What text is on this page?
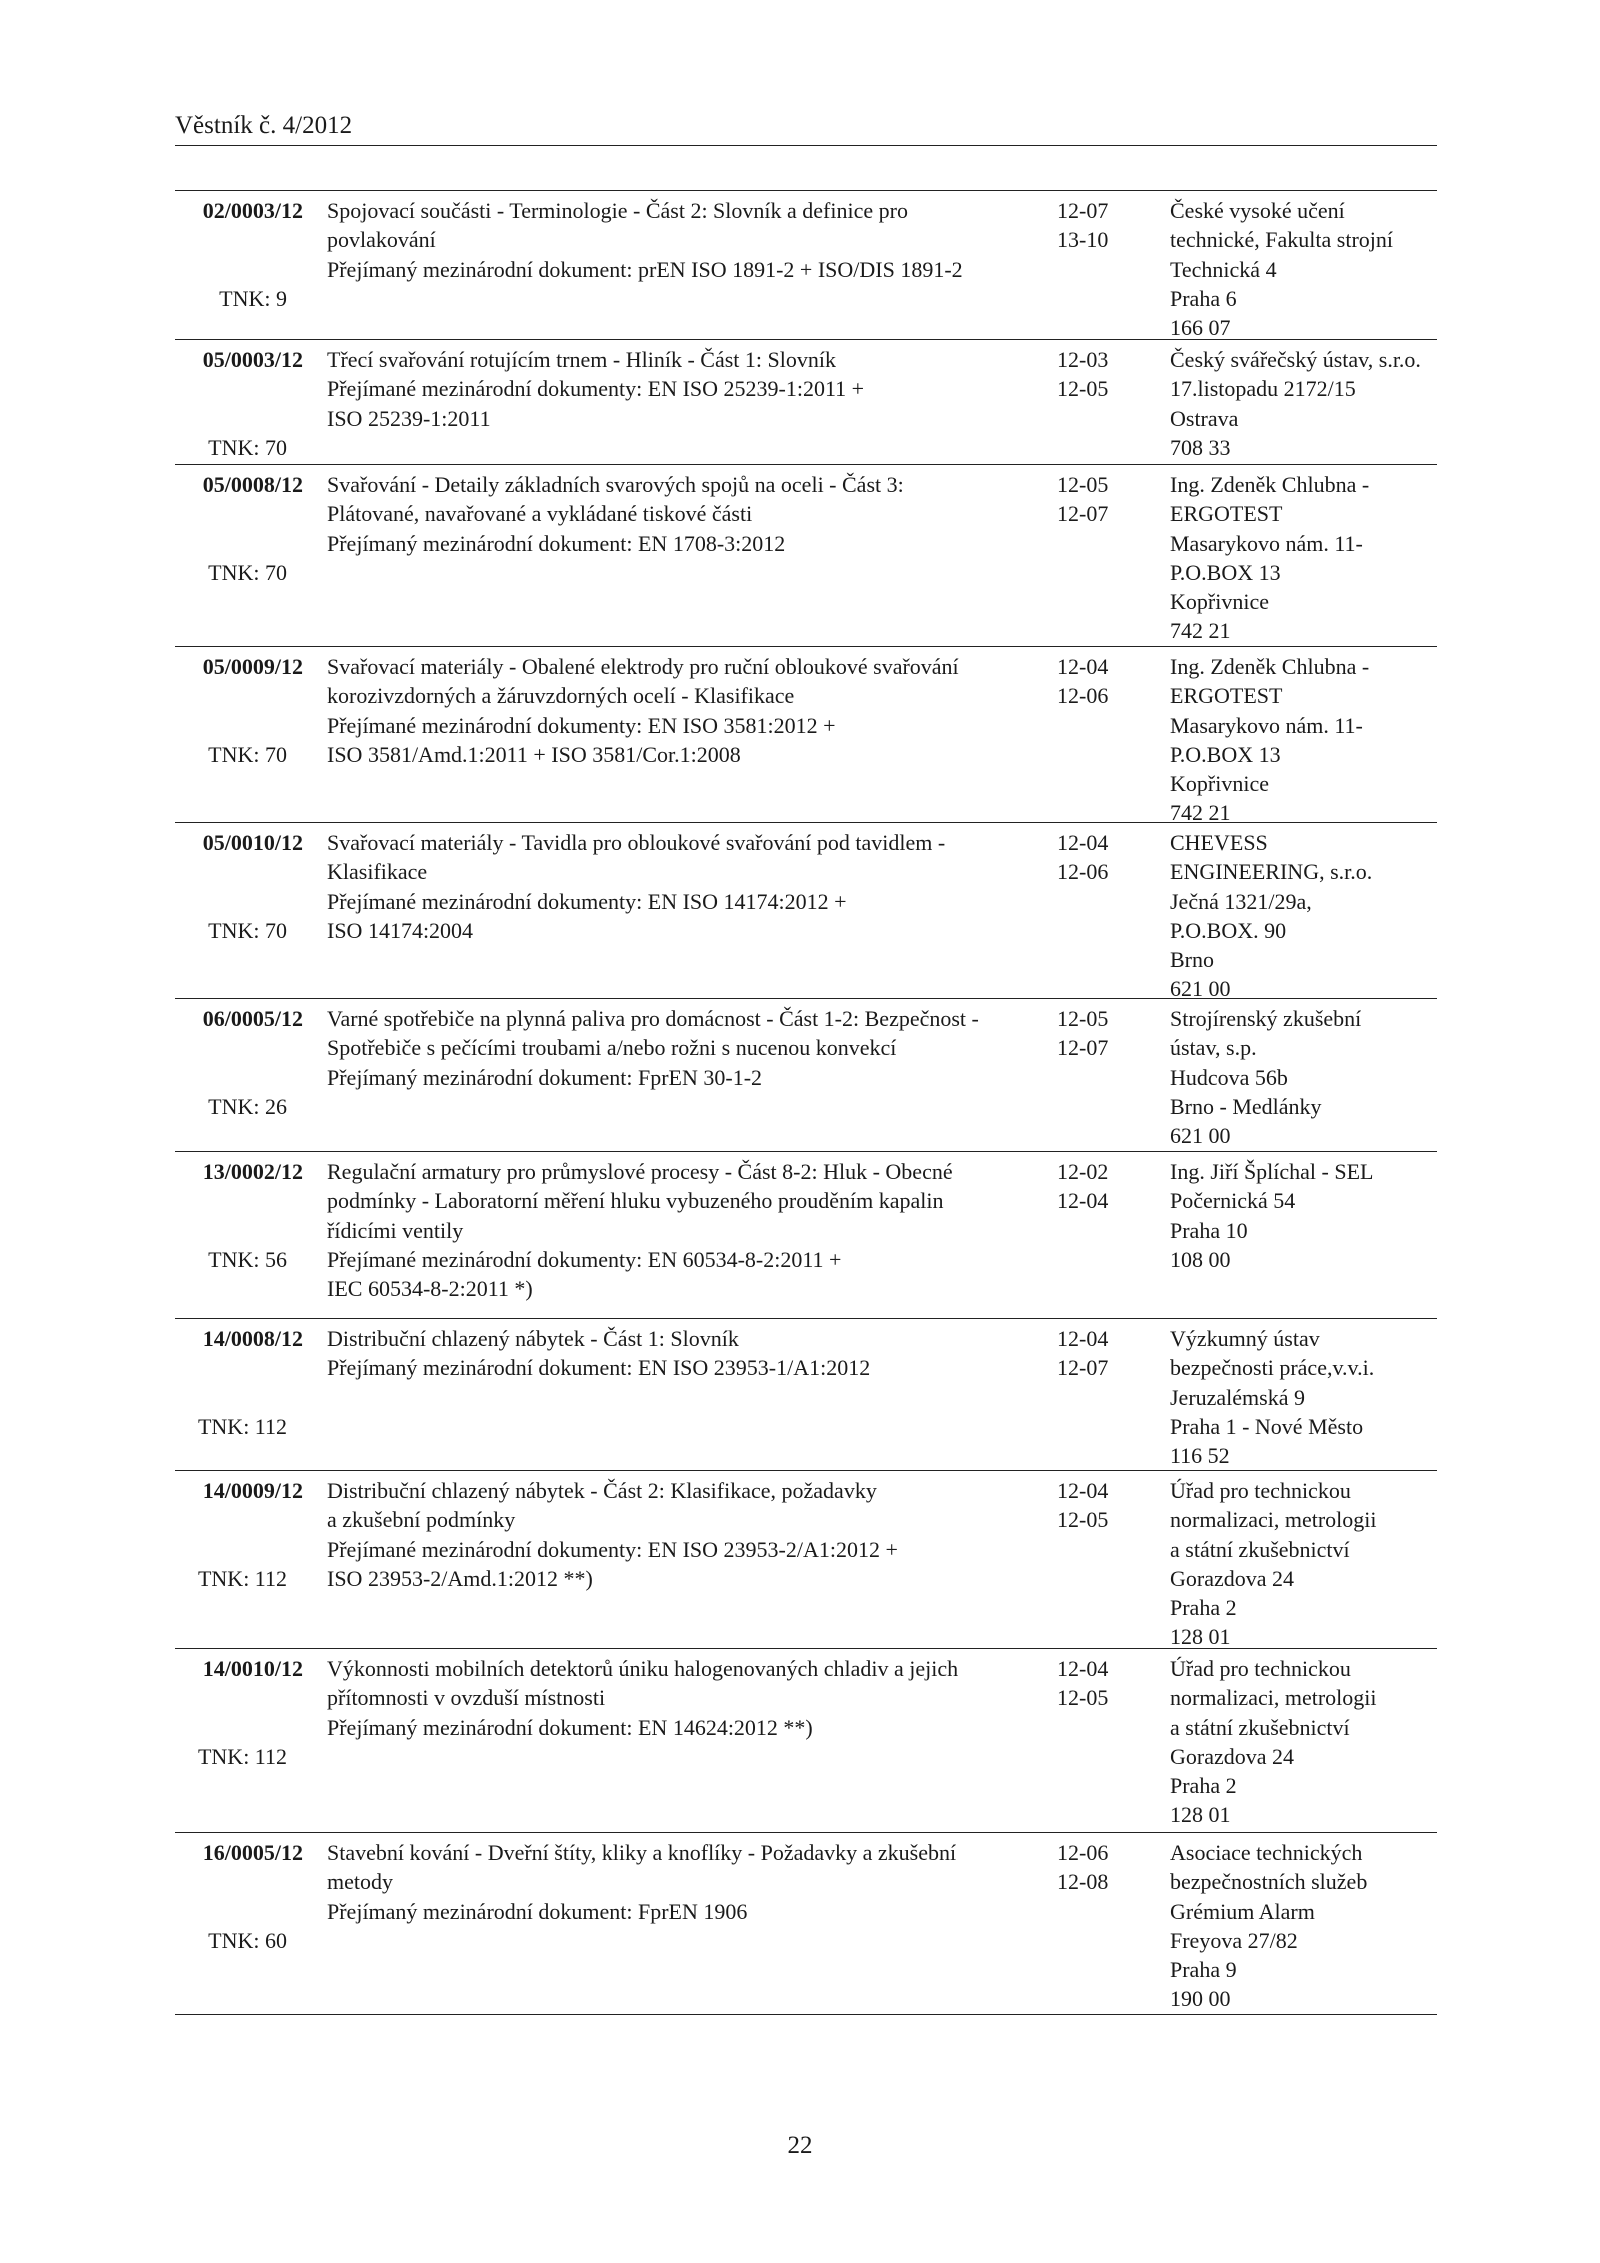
Věstník č. 4/2012
02/0003/12
TNK: 9
Spojovací součásti - Terminologie - Část 2: Slovník a definice pro
povlakování
Přejímaný mezinárodní dokument: prEN ISO 1891-2 + ISO/DIS 1891-2
12-07
13-10
České vysoké učení
technické, Fakulta strojní
Technická 4
Praha 6
166 07
05/0003/12
TNK: 70
Třecí svařování rotujícím trnem - Hliník - Část 1: Slovník
Přejímané mezinárodní dokumenty: EN ISO 25239-1:2011 +
ISO 25239-1:2011
12-03
12-05
Český svářečský ústav, s.r.o.
17.listopadu 2172/15
Ostrava
708 33
05/0008/12
TNK: 70
Svařování - Detaily základních svarových spojů na oceli - Část 3:
Plátované, navařované a vykládané tiskové části
Přejímaný mezinárodní dokument: EN 1708-3:2012
12-05
12-07
Ing. Zdeněk Chlubna -
ERGOTEST
Masarykovo nám. 11-
P.O.BOX 13
Kopřivnice
742 21
05/0009/12
TNK: 70
Svařovací materiály - Obalené elektrody pro ruční obloukové svařování
korozivzdorných a žáruvzdorných ocelí - Klasifikace
Přejímané mezinárodní dokumenty: EN ISO 3581:2012 +
ISO 3581/Amd.1:2011 + ISO 3581/Cor.1:2008
12-04
12-06
Ing. Zdeněk Chlubna -
ERGOTEST
Masarykovo nám. 11-
P.O.BOX 13
Kopřivnice
742 21
05/0010/12
TNK: 70
Svařovací materiály - Tavidla pro obloukové svařování pod tavidlem -
Klasifikace
Přejímané mezinárodní dokumenty: EN ISO 14174:2012 +
ISO 14174:2004
12-04
12-06
CHEVESS
ENGINEERING, s.r.o.
Ječná 1321/29a,
P.O.BOX. 90
Brno
621 00
06/0005/12
TNK: 26
Varné spotřebiče na plynná paliva pro domácnost - Část 1-2: Bezpečnost -
Spotřebiče s pečícími troubami a/nebo rožni s nucenou konvekcí
Přejímaný mezinárodní dokument: FprEN 30-1-2
12-05
12-07
Strojírenský zkušební
ústav, s.p.
Hudcova 56b
Brno - Medlánky
621 00
13/0002/12
TNK: 56
Regulační armatury pro průmyslové procesy - Část 8-2: Hluk - Obecné
podmínky - Laboratorní měření hluku vybuzeného prouděním kapalin
řídicími ventily
Přejímané mezinárodní dokumenty: EN 60534-8-2:2011 +
IEC 60534-8-2:2011 *)
12-02
12-04
Ing. Jiří Šplíchal - SEL
Počernická 54
Praha 10
108 00
14/0008/12
TNK: 112
Distribuční chlazený nábytek - Část 1: Slovník
Přejímaný mezinárodní dokument: EN ISO 23953-1/A1:2012
12-04
12-07
Výzkumný ústav
bezpečnosti práce,v.v.i.
Jeruzalémská 9
Praha 1 - Nové Město
116 52
14/0009/12
TNK: 112
Distribuční chlazený nábytek - Část 2: Klasifikace, požadavky
a zkušební podmínky
Přejímané mezinárodní dokumenty: EN ISO 23953-2/A1:2012 +
ISO 23953-2/Amd.1:2012 **)
12-04
12-05
Úřad pro technickou
normalizaci, metrologii
a státní zkušebnictví
Gorazdova 24
Praha 2
128 01
14/0010/12
TNK: 112
Výkonnosti mobilních detektorů úniku halogenovaných chladiv a jejich
přítomnosti v ovzduší místnosti
Přejímaný mezinárodní dokument: EN 14624:2012 **)
12-04
12-05
Úřad pro technickou
normalizaci, metrologii
a státní zkušebnictví
Gorazdova 24
Praha 2
128 01
16/0005/12
TNK: 60
Stavební kování - Dveřní štíty, kliky a knoflíky - Požadavky a zkušební
metody
Přejímaný mezinárodní dokument: FprEN 1906
12-06
12-08
Asociace technických
bezpečnostních služeb
Grémium Alarm
Freyova 27/82
Praha 9
190 00
22
